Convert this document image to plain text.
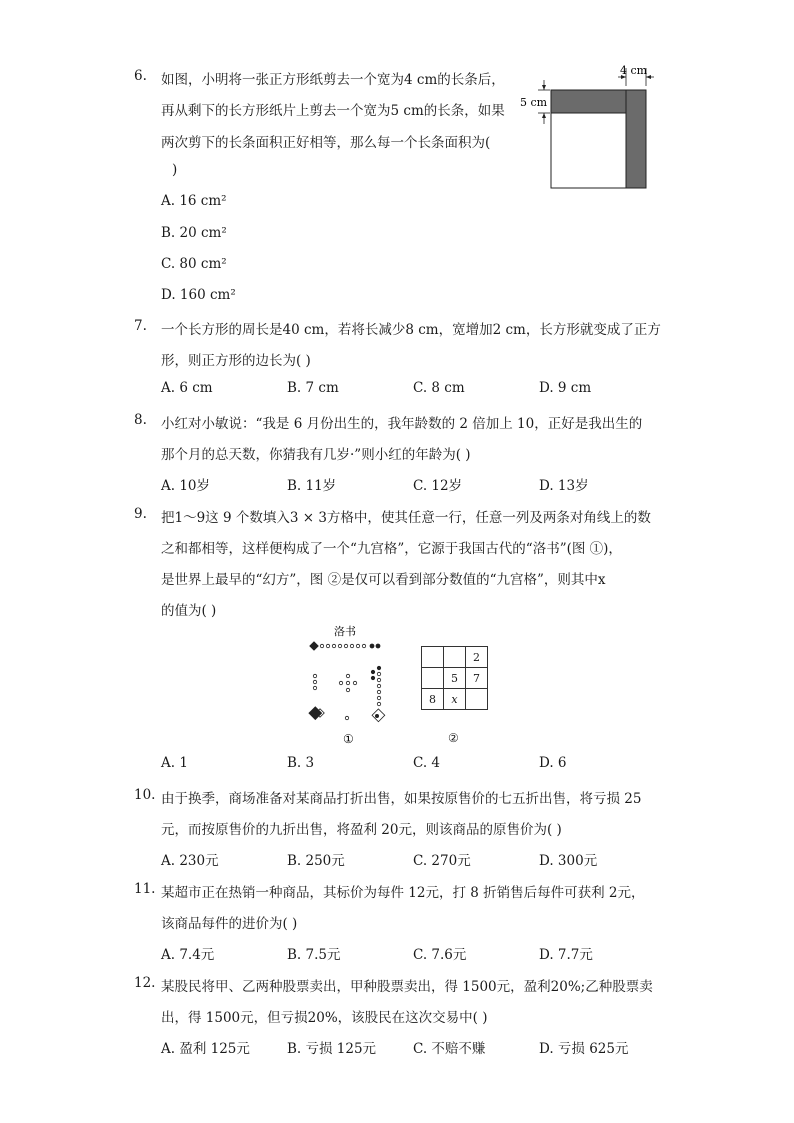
6.	如图，小明将一张正方形纸剪去一个宽为4 cm的长条后，
再从剩下的长方形纸片上剪去一个宽为5 cm的长条，如果
两次剪下的长条面积正好相等，那么每一个长条面积为(
)
A. 16 cm²
B. 20 cm²
C. 80 cm²
D. 160 cm²
4 cm
5 cm
7.	一个长方形的周长是40 cm，若将长减少8 cm，宽增加2 cm，长方形就变成了正方
形，则正方形的边长为( )
A. 6 cm	B. 7 cm	C. 8 cm	D. 9 cm
8.	小红对小敏说：“我是 6 月份出生的，我年龄数的 2 倍加上 10，正好是我出生的
那个月的总天数，你猜我有几岁·”则小红的年龄为( )
A. 10岁	B. 11岁	C. 12岁	D. 13岁
9.	把1～9这 9 个数填入3 × 3方格中，使其任意一行，任意一列及两条对角线上的数
之和都相等，这样便构成了一个“九宫格”，它源于我国古代的“洛书”(图 ①)，
是世界上最早的“幻方”，图 ②是仅可以看到部分数值的“九宫格”，则其中x
的值为( )
洛书
①
		2
	5	7
8	x	
②
A. 1	B. 3	C. 4	D. 6
10. 由于换季，商场准备对某商品打折出售，如果按原售价的七五折出售，将亏损 25
元，而按原售价的九折出售，将盈利 20元，则该商品的原售价为( )
A. 230元	B. 250元	C. 270元	D. 300元
11. 某超市正在热销一种商品，其标价为每件 12元，打 8 折销售后每件可获利 2元，
该商品每件的进价为( )
A. 7.4元	B. 7.5元	C. 7.6元	D. 7.7元
12. 某股民将甲、乙两种股票卖出，甲种股票卖出，得 1500元，盈利20%;乙种股票卖
出，得 1500元，但亏损20%，该股民在这次交易中( )
A. 盈利 125元	B. 亏损 125元	C. 不赔不赚	D. 亏损 625元
